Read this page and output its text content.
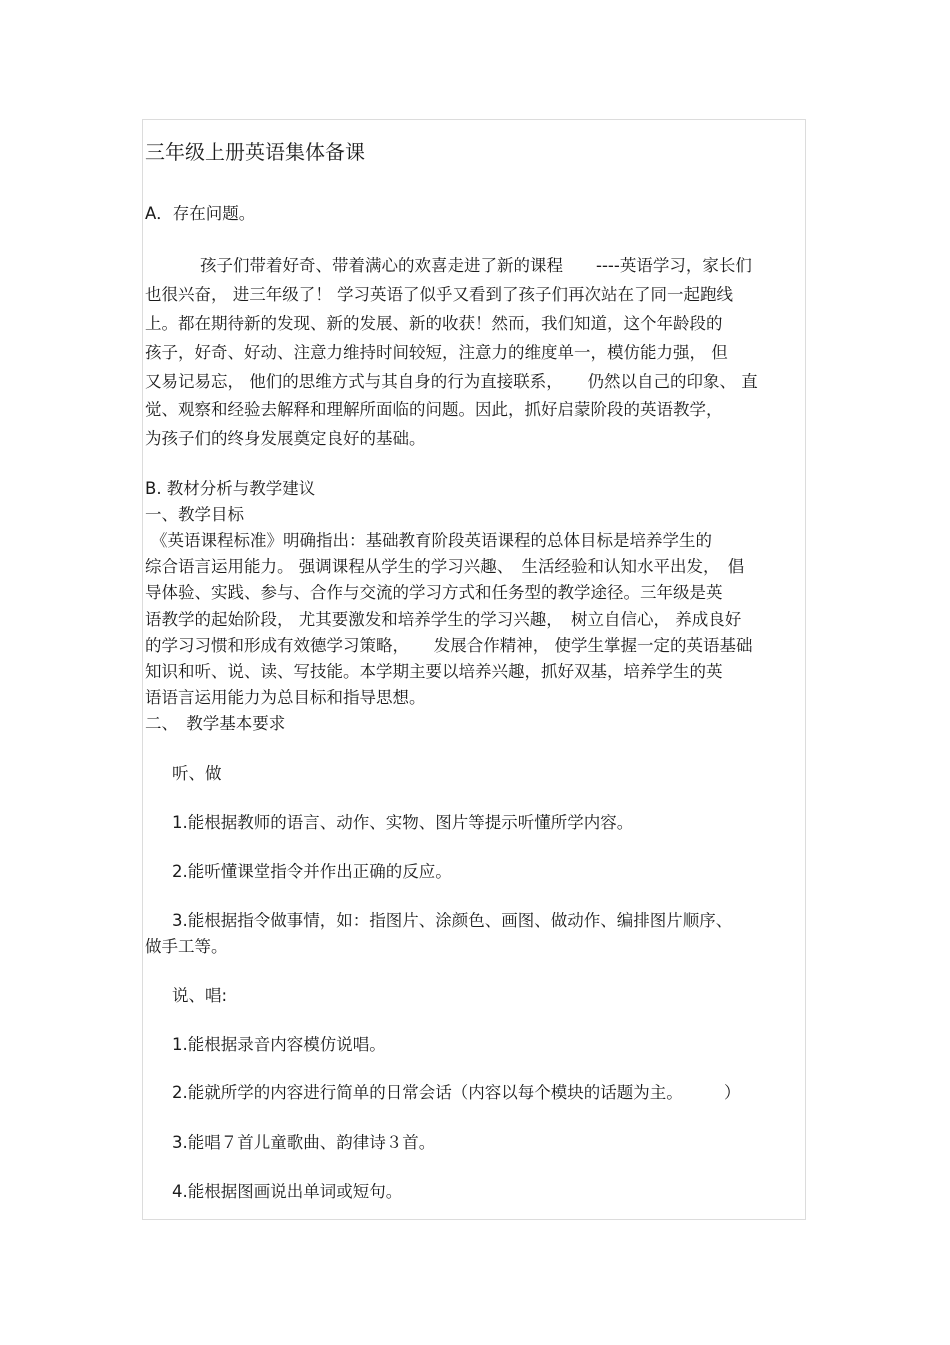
三年级上册英语集体备课
A．存在问题。
孩子们带着好奇、带着满心的欢喜走进了新的课程　　----英语学习，家长们
也很兴奋， 进三年级了！ 学习英语了似乎又看到了孩子们再次站在了同一起跑线
上。都在期待新的发现、新的发展、新的收获！然而，我们知道，这个年龄段的
孩子，好奇、好动、注意力维持时间较短，注意力的维度单一，模仿能力强， 但
又易记易忘， 他们的思维方式与其自身的行为直接联系，　　仍然以自己的印象、 直
觉、观察和经验去解释和理解所面临的问题。因此，抓好启蒙阶段的英语教学，
为孩子们的终身发展奠定良好的基础。
B. 教材分析与教学建议
一、教学目标
《英语课程标准》明确指出：基础教育阶段英语课程的总体目标是培养学生的
综合语言运用能力。 强调课程从学生的学习兴趣、　生活经验和认知水平出发，　倡
导体验、实践、参与、合作与交流的学习方式和任务型的教学途径。三年级是英
语教学的起始阶段， 尤其要激发和培养学生的学习兴趣，　树立自信心， 养成良好
的学习习惯和形成有效德学习策略，　　发展合作精神， 使学生掌握一定的英语基础
知识和听、说、读、写技能。本学期主要以培养兴趣，抓好双基，培养学生的英
语语言运用能力为总目标和指导思想。
二、　教学基本要求
听、做
1.能根据教师的语言、动作、实物、图片等提示听懂所学内容。
2.能听懂课堂指令并作出正确的反应。
3.能根据指令做事情，如：指图片、涂颜色、画图、做动作、编排图片顺序、
做手工等。
说、唱:
1.能根据录音内容模仿说唱。
2.能就所学的内容进行简单的日常会话（内容以每个模块的话题为主。　　　）
3.能唱７首儿童歌曲、韵律诗３首。
4.能根据图画说出单词或短句。
